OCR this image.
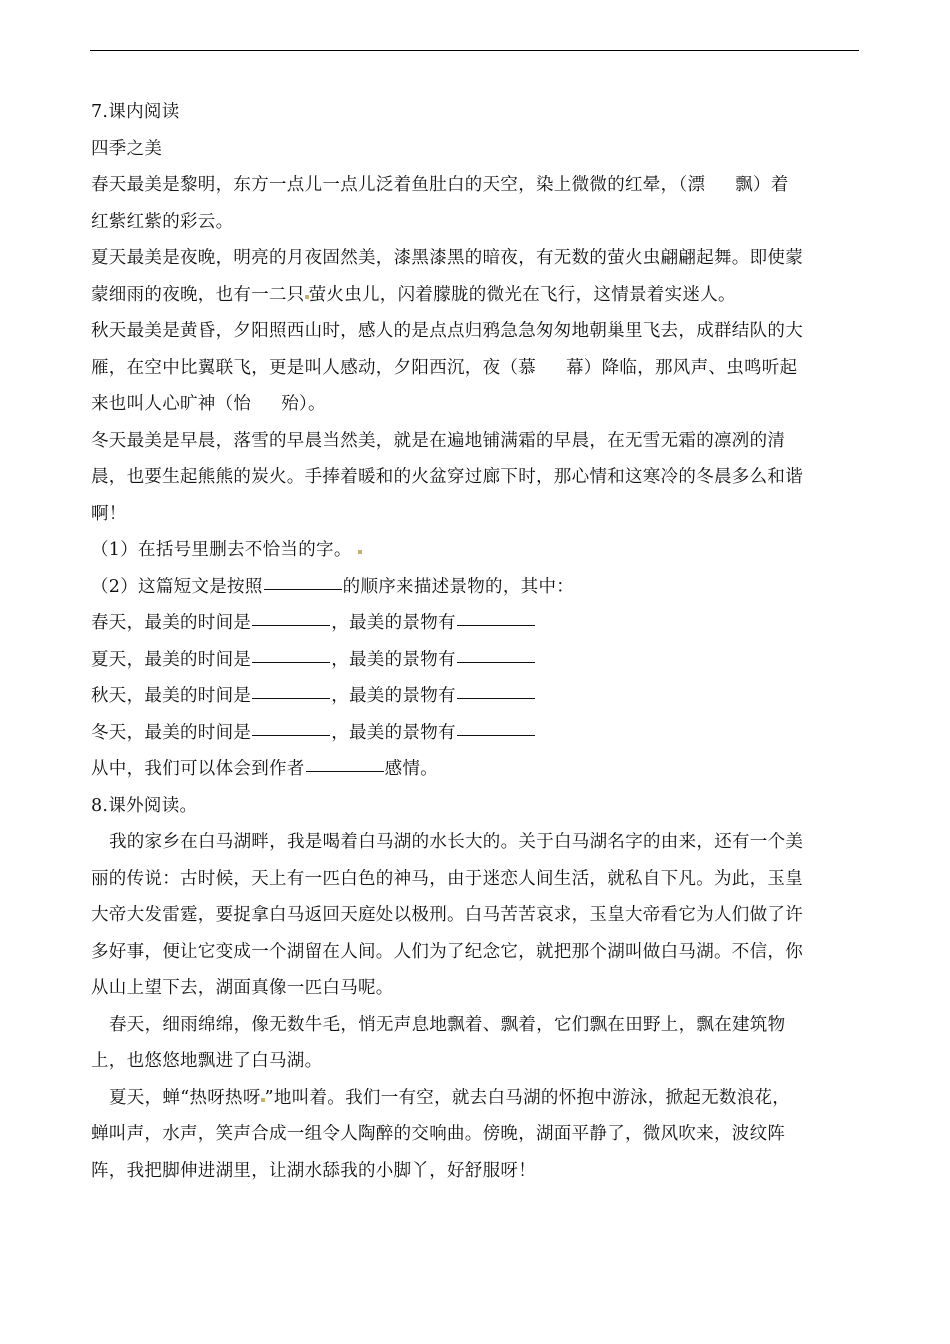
7.课内阅读
四季之美
春天最美是黎明，东方一点儿一点儿泛着鱼肚白的天空，染上微微的红晕，（漂 飘）着
红紫红紫的彩云。
夏天最美是夜晚，明亮的月夜固然美，漆黑漆黑的暗夜，有无数的萤火虫翩翩起舞。即使蒙
蒙细雨的夜晚，也有一二只 萤火虫儿，闪着朦胧的微光在飞行，这情景着实迷人。
秋天最美是黄昏，夕阳照西山时，感人的是点点归鸦急急匆匆地朝巢里飞去，成群结队的大
雁，在空中比翼联飞，更是叫人感动，夕阳西沉，夜（慕 幕）降临，那风声、虫鸣听起
来也叫人心旷神（怡 殆）。
冬天最美是早晨，落雪的早晨当然美，就是在遍地铺满霜的早晨，在无雪无霜的凛冽的清
晨，也要生起熊熊的炭火。手捧着暖和的火盆穿过廊下时，那心情和这寒冷的冬晨多么和谐
啊！
（1）在括号里删去不恰当的字。
（2）这篇短文是按照	的顺序来描述景物的，其中：
春天，最美的时间是	，最美的景物有
夏天，最美的时间是	，最美的景物有
秋天，最美的时间是	，最美的景物有
冬天，最美的时间是	，最美的景物有
从中，我们可以体会到作者	感情。
8.课外阅读。
我的家乡在白马湖畔，我是喝着白马湖的水长大的。关于白马湖名字的由来，还有一个美
丽的传说：古时候，天上有一匹白色的神马，由于迷恋人间生活，就私自下凡。为此，玉皇
大帝大发雷霆，要捉拿白马返回天庭处以极刑。白马苦苦哀求，玉皇大帝看它为人们做了许
多好事，便让它变成一个湖留在人间。人们为了纪念它，就把那个湖叫做白马湖。不信，你
从山上望下去，湖面真像一匹白马呢。
春天，细雨绵绵，像无数牛毛，悄无声息地飘着、飘着，它们飘在田野上，飘在建筑物
上，也悠悠地飘进了白马湖。
夏天，蝉“热呀热呀 ”地叫着。我们一有空，就去白马湖的怀抱中游泳，掀起无数浪花，
蝉叫声，水声，笑声合成一组令人陶醉的交响曲。傍晚，湖面平静了，微风吹来，波纹阵
阵，我把脚伸进湖里，让湖水舔我的小脚丫，好舒服呀！
